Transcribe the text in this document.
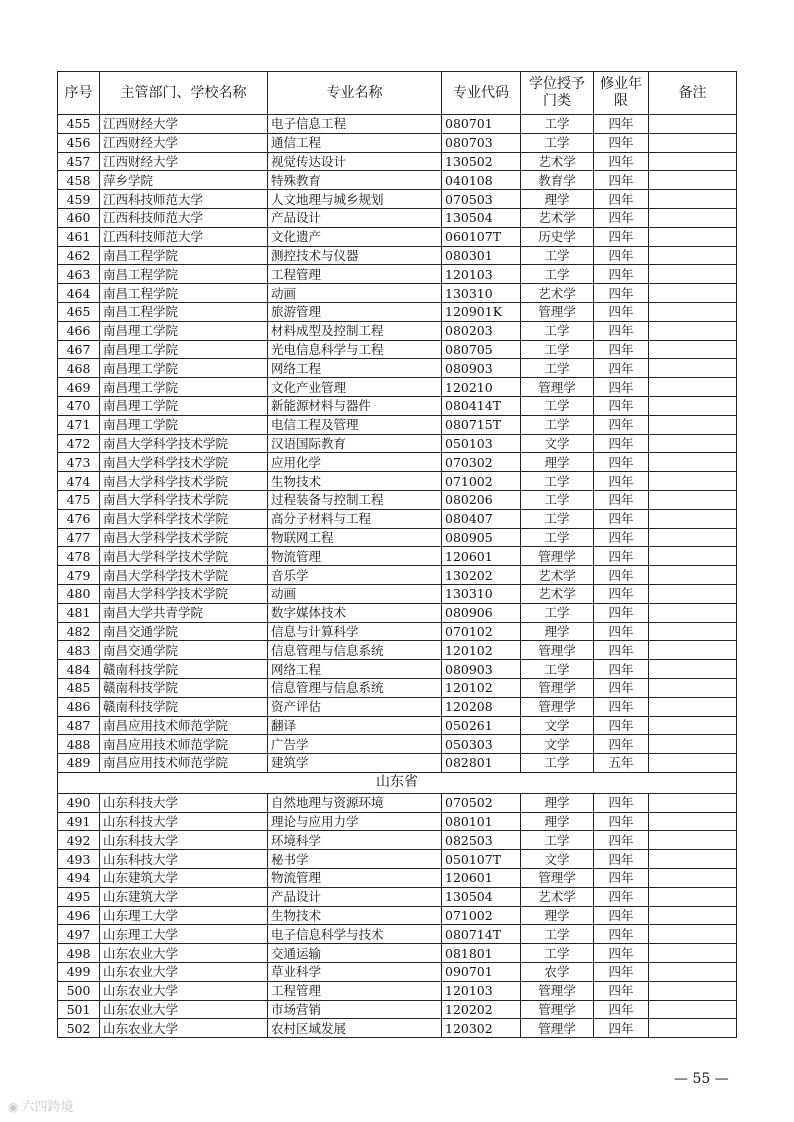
序号	主管部门、学校名称	专业名称	专业代码	学位授予门类	修业年限	备注
455	江西财经大学	电子信息工程	080701	工学	四年	
456	江西财经大学	通信工程	080703	工学	四年	
457	江西财经大学	视觉传达设计	130502	艺术学	四年	
458	萍乡学院	特殊教育	040108	教育学	四年	
459	江西科技师范大学	人文地理与城乡规划	070503	理学	四年	
460	江西科技师范大学	产品设计	130504	艺术学	四年	
461	江西科技师范大学	文化遗产	060107T	历史学	四年	
462	南昌工程学院	测控技术与仪器	080301	工学	四年	
463	南昌工程学院	工程管理	120103	工学	四年	
464	南昌工程学院	动画	130310	艺术学	四年	
465	南昌工程学院	旅游管理	120901K	管理学	四年	
466	南昌理工学院	材料成型及控制工程	080203	工学	四年	
467	南昌理工学院	光电信息科学与工程	080705	工学	四年	
468	南昌理工学院	网络工程	080903	工学	四年	
469	南昌理工学院	文化产业管理	120210	管理学	四年	
470	南昌理工学院	新能源材料与器件	080414T	工学	四年	
471	南昌理工学院	电信工程及管理	080715T	工学	四年	
472	南昌大学科学技术学院	汉语国际教育	050103	文学	四年	
473	南昌大学科学技术学院	应用化学	070302	理学	四年	
474	南昌大学科学技术学院	生物技术	071002	工学	四年	
475	南昌大学科学技术学院	过程装备与控制工程	080206	工学	四年	
476	南昌大学科学技术学院	高分子材料与工程	080407	工学	四年	
477	南昌大学科学技术学院	物联网工程	080905	工学	四年	
478	南昌大学科学技术学院	物流管理	120601	管理学	四年	
479	南昌大学科学技术学院	音乐学	130202	艺术学	四年	
480	南昌大学科学技术学院	动画	130310	艺术学	四年	
481	南昌大学共青学院	数字媒体技术	080906	工学	四年	
482	南昌交通学院	信息与计算科学	070102	理学	四年	
483	南昌交通学院	信息管理与信息系统	120102	管理学	四年	
484	赣南科技学院	网络工程	080903	工学	四年	
485	赣南科技学院	信息管理与信息系统	120102	管理学	四年	
486	赣南科技学院	资产评估	120208	管理学	四年	
487	南昌应用技术师范学院	翻译	050261	文学	四年	
488	南昌应用技术师范学院	广告学	050303	文学	四年	
489	南昌应用技术师范学院	建筑学	082801	工学	五年	
山东省						
490	山东科技大学	自然地理与资源环境	070502	理学	四年	
491	山东科技大学	理论与应用力学	080101	理学	四年	
492	山东科技大学	环境科学	082503	工学	四年	
493	山东科技大学	秘书学	050107T	文学	四年	
494	山东建筑大学	物流管理	120601	管理学	四年	
495	山东建筑大学	产品设计	130504	艺术学	四年	
496	山东理工大学	生物技术	071002	理学	四年	
497	山东理工大学	电子信息科学与技术	080714T	工学	四年	
498	山东农业大学	交通运输	081801	工学	四年	
499	山东农业大学	草业科学	090701	农学	四年	
500	山东农业大学	工程管理	120103	管理学	四年	
501	山东农业大学	市场营销	120202	管理学	四年	
502	山东农业大学	农村区域发展	120302	管理学	四年	
— 55 —
◉ 六四跨境
